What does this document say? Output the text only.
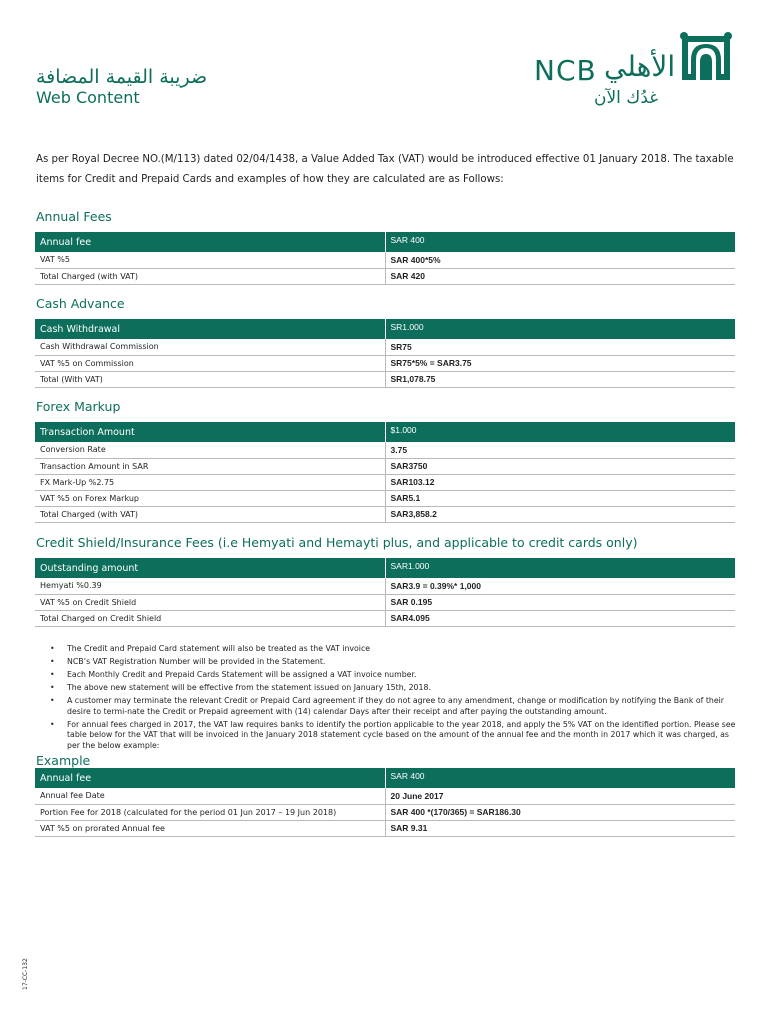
ضريبة القيمة المضافة
Web Content
NCB الأهلي
غدُك الآن

As per Royal Decree NO.(M/113) dated 02/04/1438, a Value Added Tax (VAT) would be introduced effective 01 January 2018. The taxable items for Credit and Prepaid Cards and examples of how they are calculated are as Follows:

Annual Fees
Annual fee	SAR 400
VAT %5	SAR 400*5%
Total Charged (with VAT)	SAR 420
Cash Advance
Cash Withdrawal	SR1.000
Cash Withdrawal Commission	SR75
VAT %5 on Commission	SR75*5% = SAR3.75
Total (With VAT)	SR1,078.75
Forex Markup
Transaction Amount	$1.000
Conversion Rate	3.75
Transaction Amount in SAR	SAR3750
FX Mark-Up %2.75	SAR103.12
VAT %5 on Forex Markup	SAR5.1
Total Charged (with VAT)	SAR3,858.2
Credit Shield/Insurance Fees (i.e Hemyati and Hemayti plus, and applicable to credit cards only)
Outstanding amount	SAR1.000
Hemyati %0.39	SAR3.9 = 0.39%* 1,000
VAT %5 on Credit Shield	SAR 0.195
Total Charged on Credit Shield	SAR4.095
• The Credit and Prepaid Card statement will also be treated as the VAT invoice
• NCB’s VAT Registration Number will be provided in the Statement.
• Each Monthly Credit and Prepaid Cards Statement will be assigned a VAT invoice number.
• The above new statement will be effective from the statement issued on January 15th, 2018.
• A customer may terminate the relevant Credit or Prepaid Card agreement if they do not agree to any amendment, change or modification by notifying the Bank of their desire to termi-nate the Credit or Prepaid agreement with (14) calendar Days after their receipt and after paying the outstanding amount.
• For annual fees charged in 2017, the VAT law requires banks to identify the portion applicable to the year 2018, and apply the 5% VAT on the identified portion. Please see table below for the VAT that will be invoiced in the January 2018 statement cycle based on the amount of the annual fee and the month in 2017 which it was charged, as per the below example:
Example
Annual fee	SAR 400
Annual fee Date	20 June 2017
Portion Fee for 2018 (calculated for the period 01 Jun 2017 – 19 Jun 2018)	SAR 400 *(170/365) = SAR186.30
VAT %5 on prorated Annual fee	SAR 9.31
17-CC-132
